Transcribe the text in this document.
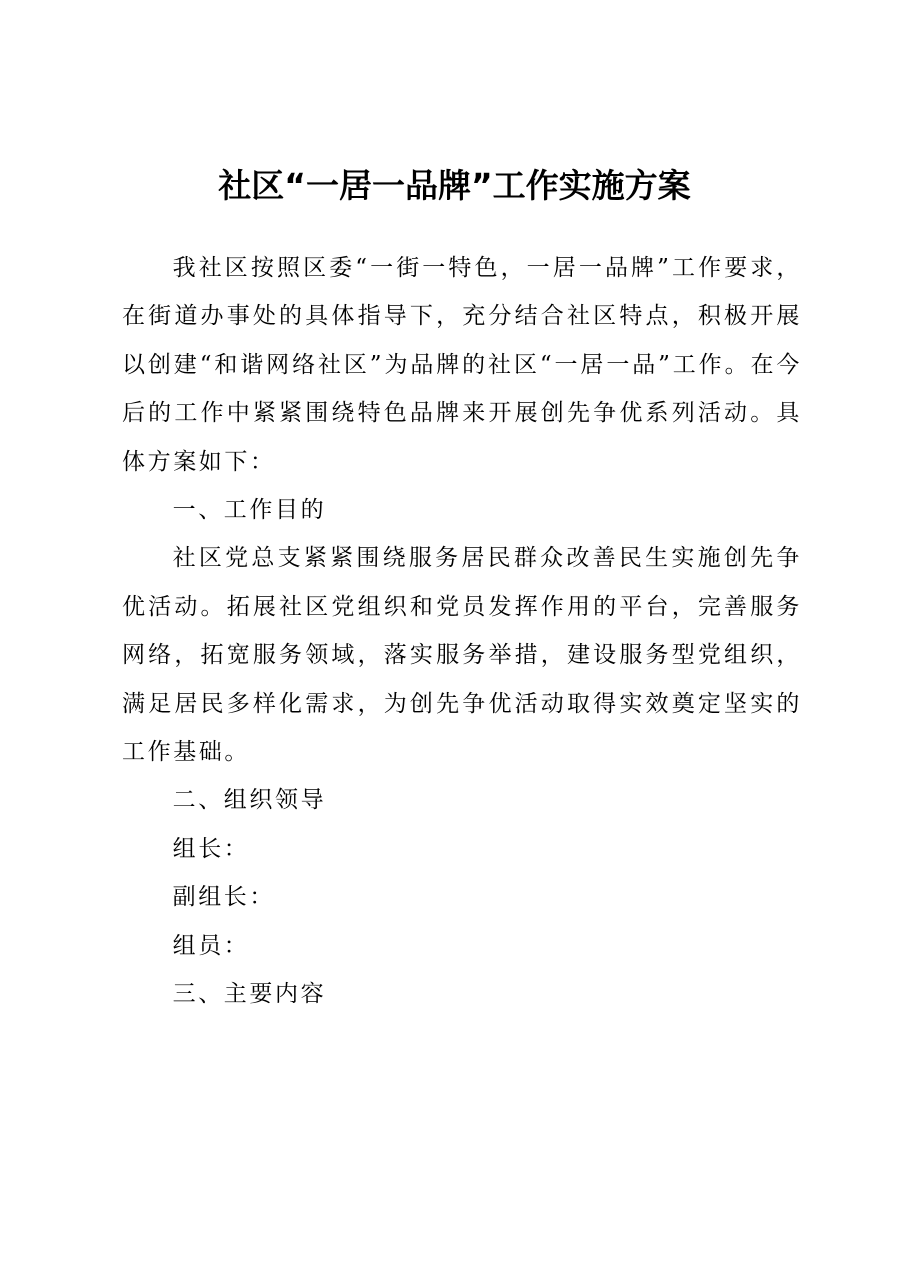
社区“一居一品牌”工作实施方案

我社区按照区委“一街一特色，一居一品牌”工作要求，在街道办事处的具体指导下，充分结合社区特点，积极开展以创建“和谐网络社区”为品牌的社区“一居一品”工作。在今后的工作中紧紧围绕特色品牌来开展创先争优系列活动。具体方案如下：

一、工作目的

社区党总支紧紧围绕服务居民群众改善民生实施创先争优活动。拓展社区党组织和党员发挥作用的平台，完善服务网络，拓宽服务领域，落实服务举措，建设服务型党组织，满足居民多样化需求，为创先争优活动取得实效奠定坚实的工作基础。

二、组织领导

组长：

副组长：

组员：

三、主要内容
